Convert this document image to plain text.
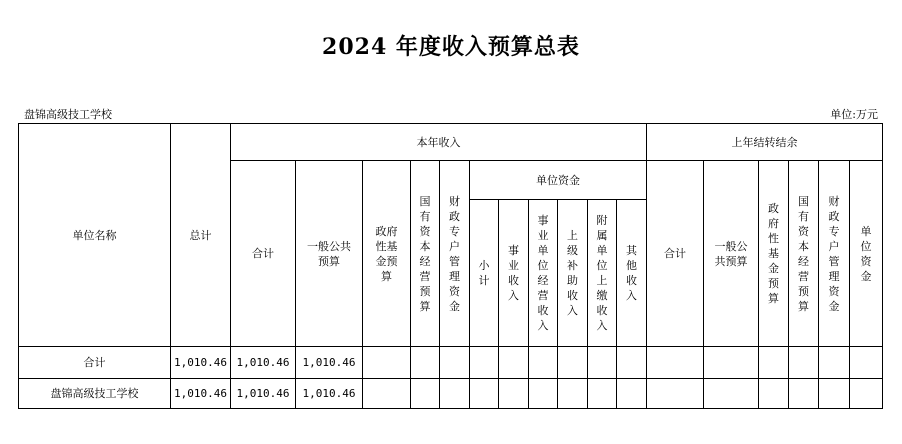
2024 年度收入预算总表
盘锦高级技工学校	单位:万元
单位名称	总计	本年收入											上年结转结余					
		合计	一般公共预算	政府性基金预算	国有资本经营预算	财政专户管理资金	单位资金						合计	一般公共预算	政府性基金预算	国有资本经营预算	财政专户管理资金	单位资金
							小计	事业收入	事业单位经营收入	上级补助收入	附属单位上缴收入	其他收入						

合计	1,010.46	1,010.46	1,010.46															
盘锦高级技工学校	1,010.46	1,010.46	1,010.46															
